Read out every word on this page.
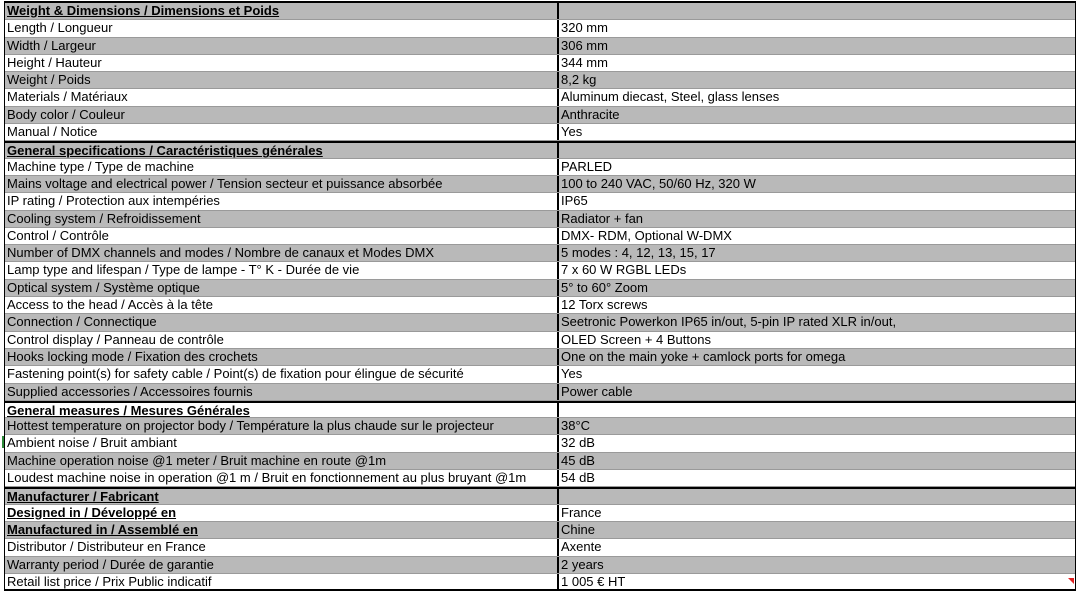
Weight & Dimensions / Dimensions et Poids
Length / Longueur	320 mm
Width / Largeur	306 mm
Height / Hauteur	344 mm
Weight / Poids	8,2 kg
Materials / Matériaux	Aluminum diecast, Steel, glass lenses
Body color / Couleur	Anthracite
Manual / Notice	Yes
General specifications / Caractéristiques générales
Machine type / Type de machine	PARLED
Mains voltage and electrical power / Tension secteur et puissance absorbée	100 to 240 VAC, 50/60 Hz, 320 W
IP rating / Protection aux intempéries	IP65
Cooling system / Refroidissement	Radiator + fan
Control / Contrôle	DMX- RDM, Optional W-DMX
Number of DMX channels and modes / Nombre de canaux et Modes DMX	5 modes : 4, 12, 13, 15, 17
Lamp type and lifespan / Type de lampe - T° K - Durée de vie	7 x 60 W RGBL LEDs
Optical system / Système optique	5° to 60° Zoom
Access to the head / Accès à la tête	12 Torx screws
Connection / Connectique	Seetronic Powerkon IP65 in/out, 5-pin IP rated XLR in/out,
Control display / Panneau de contrôle	OLED Screen + 4 Buttons
Hooks locking mode / Fixation des crochets	One on the main yoke + camlock ports for omega
Fastening point(s) for safety cable / Point(s) de fixation pour élingue de sécurité	Yes
Supplied accessories / Accessoires fournis	Power cable
General measures / Mesures Générales
Hottest temperature on projector body / Température la plus chaude sur le projecteur	38°C
Ambient noise / Bruit ambiant	32 dB
Machine operation noise @1 meter / Bruit machine en route @1m	45 dB
Loudest machine noise in operation @1 m / Bruit en fonctionnement au plus bruyant @1m	54 dB
Manufacturer / Fabricant
Designed in / Développé en	France
Manufactured in / Assemblé en	Chine
Distributor / Distributeur en France	Axente
Warranty period / Durée de garantie	2 years
Retail list price / Prix Public indicatif	1 005 € HT
